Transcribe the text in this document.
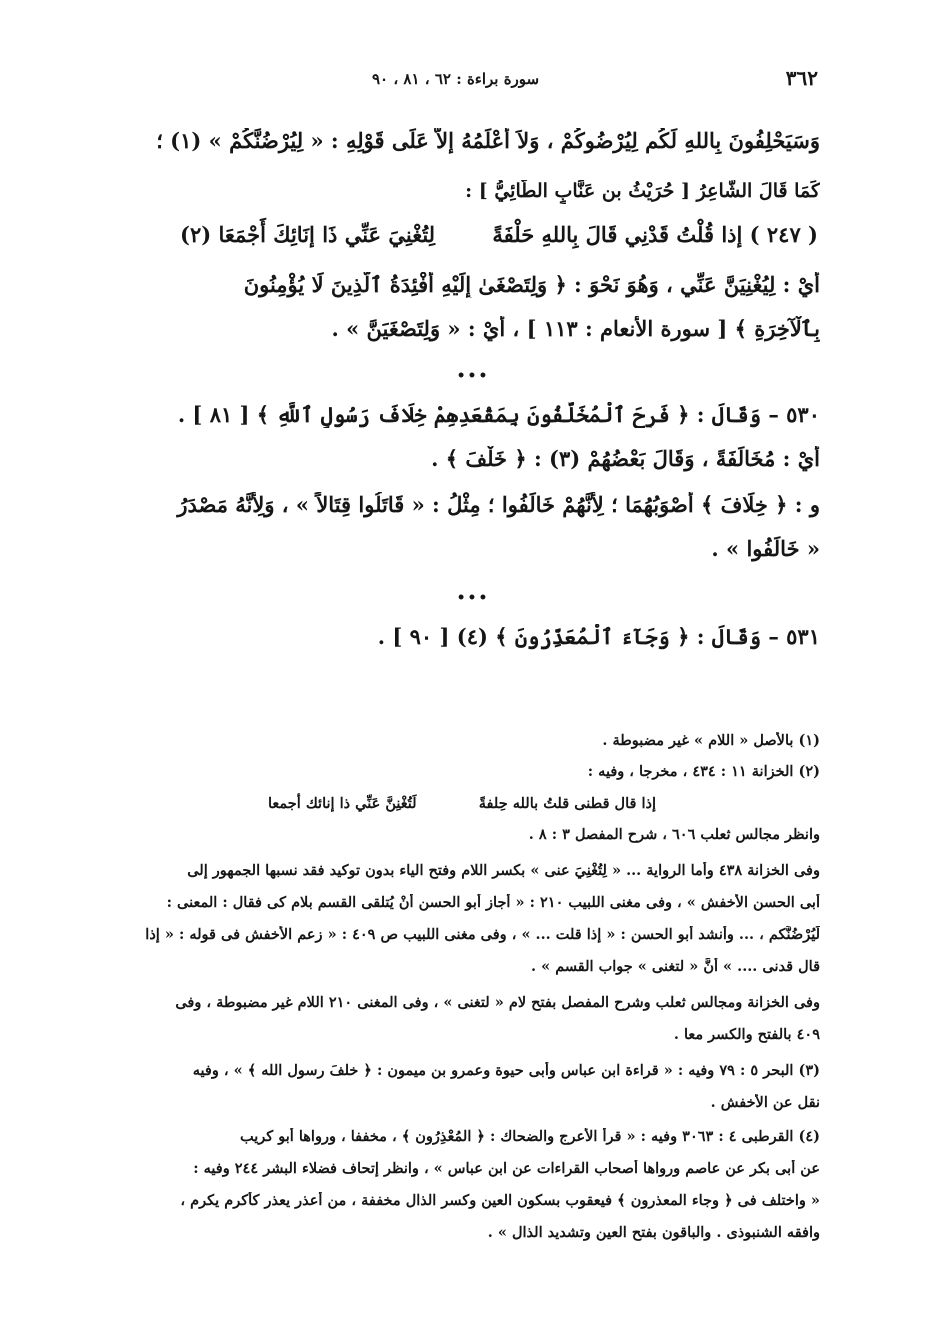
٣٦٢
سورة براءة : ٦٢ ، ٨١ ، ٩٠
وَسَيَحْلِفُونَ بِاللهِ لَكُم لِيُرْضُوكُمْ ، وَلاَ أَعْلَمُهُ إلاَّ عَلَى قَوْلِهِ : « لِيُرْضُنَّكُمْ » (١) ؛
كَمَا قَالَ الشَّاعِرُ [ حُرَيْثُ بن عَنَّابٍ الطَّائِيُّ ] :
( ٢٤٧ ) إذا قُلْتُ قَدْنِي قَالَ بِاللهِ حَلْفَةً
لِتُغْنِيَ عَنِّي ذَا إنَائِكَ أَجْمَعَا (٢)
أَيْ : لِيُغْنِيَنَّ عَنِّي ، وَهُوَ نَحْوَ : ﴿ وَلِتَصْغَىٰ إِلَيْهِ أَفْئِدَةُ ٱلَّذِينَ لَا يُؤْمِنُونَ
بِٱلْآخِرَةِ ﴾ [ سورة الأنعام : ١١٣ ] ، أَيْ : « وَلِتَصْغَيَنَّ » .
•••
٥٣٠ – وَقَالَ : ﴿ فَرِحَ ٱلْمُخَلَّفُونَ بِمَقْعَدِهِمْ خِلَافَ رَسُولِ ٱللَّهِ ﴾ [ ٨١ ] .
أَيْ : مُخَالَفَةً ، وَقَالَ بَعْضُهُمْ (٣) : ﴿ خَلْفَ ﴾ .
و : ﴿ خِلَافَ ﴾ أَصْوَبُهُمَا ؛ لِأَنَّهُمْ خَالَفُوا ؛ مِثْلُ : « قَاتَلُوا قِتَالاً » ، وَلِأَنَّهُ مَصْدَرُ
« خَالَفُوا » .
•••
٥٣١ – وَقَالَ : ﴿ وَجَآءَ ٱلْمُعَذِّرُونَ ﴾ (٤) [ ٩٠ ] .
(١) بالأصل « اللام » غير مضبوطة .
(٢) الخزانة ١١ : ٤٣٤ ، مخرجا ، وفيه :
إذا قال قطنى قلتُ بالله حِلفةً
لَتُغْنِنَّ عَنِّي ذا إنائك أجمعا
وانظر مجالس ثعلب ٦٠٦ ، شرح المفصل ٣ : ٨ .
وفى الخزانة ٤٣٨ وأما الرواية ... « لِتُغْنِيَ عنى » بكسر اللام وفتح الياء بدون توكيد فقد نسبها الجمهور إلى
أبى الحسن الأخفش » ، وفى مغنى اللبيب ٢١٠ : « أجاز أبو الحسن أنْ يُتلقى القسم بلام كى فقال : المعنى :
لَيُرْضُنَّكم ، ... وأنشد أبو الحسن : « إذا قلت ... » ، وفى مغنى اللبيب ص ٤٠٩ : « زعم الأخفش فى قوله : « إذا
قال قدنى .... » أنَّ « لتغنى » جواب القسم » .
وفى الخزانة ومجالس ثعلب وشرح المفصل بفتح لام « لتغنى » ، وفى المغنى ٢١٠ اللام غير مضبوطة ، وفى
٤٠٩ بالفتح والكسر معا .
(٣) البحر ٥ : ٧٩ وفيه : « قراءة ابن عباس وأبى حيوة وعمرو بن ميمون : ﴿ خلفَ رسول الله ﴾ » ، وفيه
نقل عن الأخفش .
(٤) القرطبى ٤ : ٣٠٦٣ وفيه : « قرأ الأعرج والضحاك : ﴿ المُعْذِرُون ﴾ ، مخففا ، ورواها أبو كريب
عن أبى بكر عن عاصم ورواها أصحاب القراءات عن ابن عباس » ، وانظر إتحاف فضلاء البشر ٢٤٤ وفيه :
« واختلف فى ﴿ وجاء المعذرون ﴾ فيعقوب بسكون العين وكسر الذال مخففة ، من أعذر يعذر كأكرم يكرم ،
وافقه الشنبوذى . والباقون بفتح العين وتشديد الذال » .
